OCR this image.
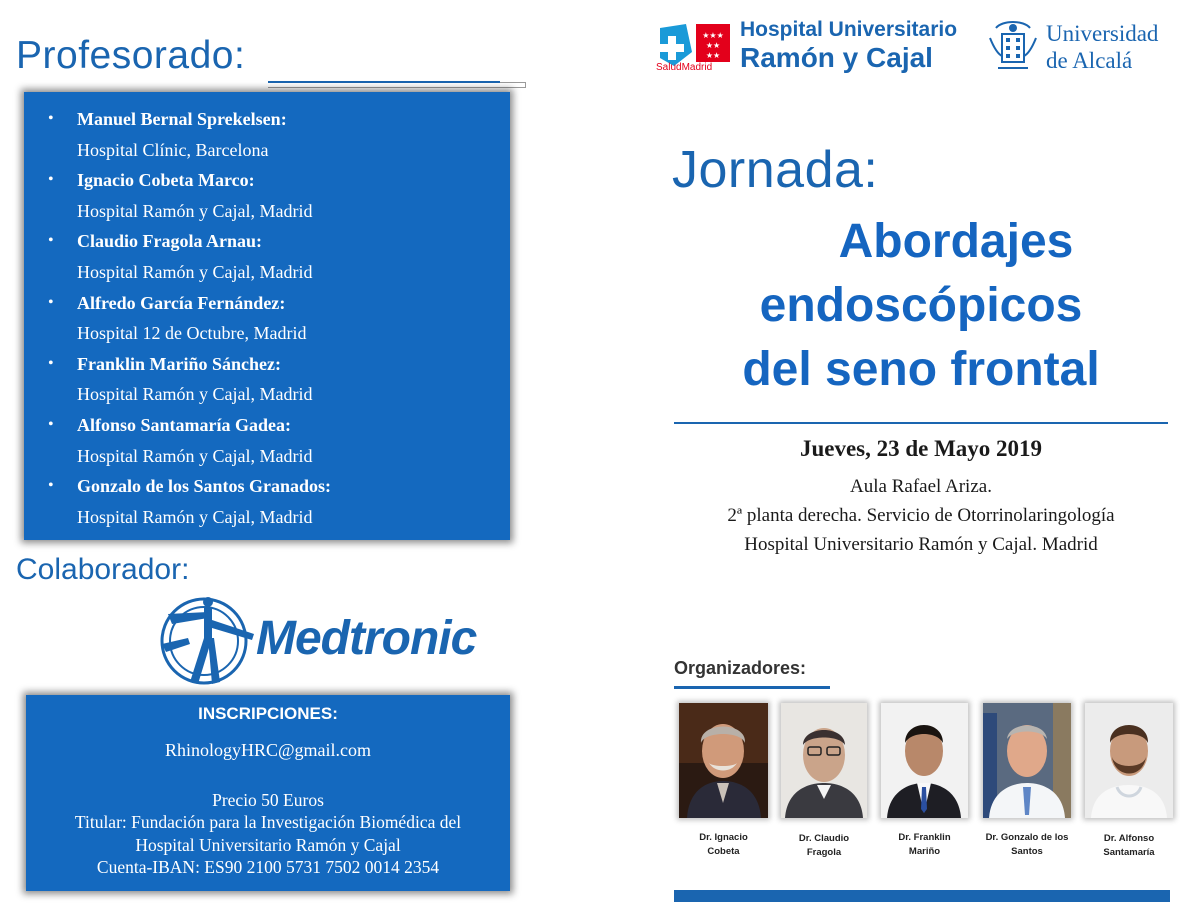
Profesorado:
• Manuel Bernal Sprekelsen:
Hospital Clínic, Barcelona
• Ignacio Cobeta Marco:
Hospital Ramón y Cajal, Madrid
• Claudio Fragola Arnau:
Hospital Ramón y Cajal, Madrid
• Alfredo García Fernández:
Hospital 12 de Octubre, Madrid
• Franklin Mariño Sánchez:
Hospital Ramón y Cajal, Madrid
• Alfonso Santamaría Gadea:
Hospital Ramón y Cajal, Madrid
• Gonzalo de los Santos Granados:
Hospital Ramón y Cajal, Madrid
Colaborador:
Medtronic
INSCRIPCIONES:
RhinologyHRC@gmail.com
Precio 50 Euros
Titular: Fundación para la Investigación Biomédica del
Hospital Universitario Ramón y Cajal
Cuenta-IBAN: ES90 2100 5731 7502 0014 2354
★★★
★★
★★
SaludMadrid
Hospital Universitario
Ramón y Cajal
Universidad
de Alcalá
Jornada:
Abordajes
endoscópicos
del seno frontal
Jueves, 23 de Mayo 2019
Aula Rafael Ariza.
2ª planta derecha. Servicio de Otorrinolaringología
Hospital Universitario Ramón y Cajal. Madrid
Organizadores:
Dr. Ignacio
Cobeta
Dr. Claudio
Fragola
Dr. Franklin
Mariño
Dr. Gonzalo de los
Santos
Dr. Alfonso
Santamaría
